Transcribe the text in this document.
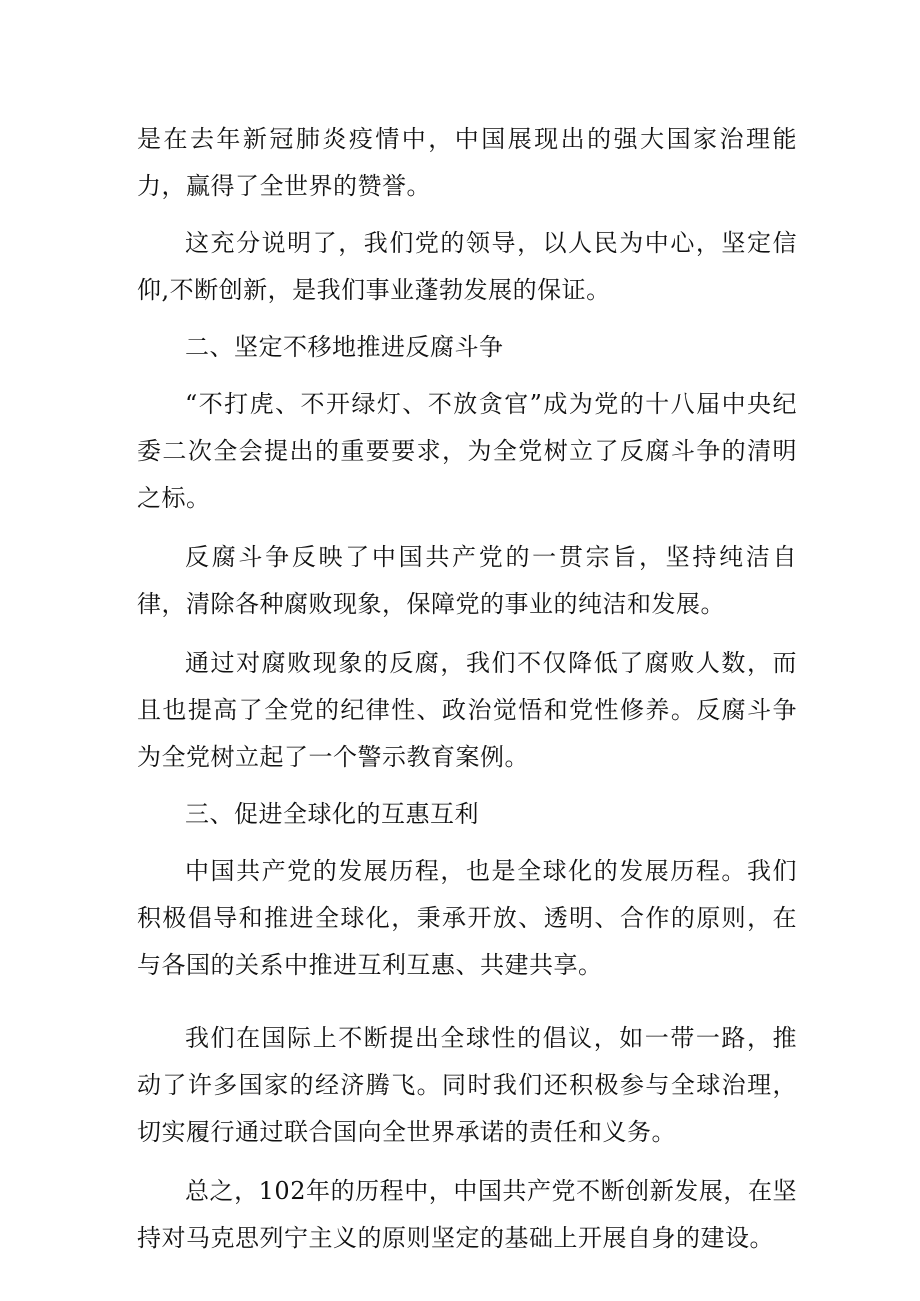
是在去年新冠肺炎疫情中，中国展现出的强大国家治理能力，赢得了全世界的赞誉。

这充分说明了，我们党的领导，以人民为中心，坚定信仰,不断创新，是我们事业蓬勃发展的保证。

二、坚定不移地推进反腐斗争

“不打虎、不开绿灯、不放贪官”成为党的十八届中央纪委二次全会提出的重要要求，为全党树立了反腐斗争的清明之标。

反腐斗争反映了中国共产党的一贯宗旨，坚持纯洁自律，清除各种腐败现象，保障党的事业的纯洁和发展。

通过对腐败现象的反腐，我们不仅降低了腐败人数，而且也提高了全党的纪律性、政治觉悟和党性修养。反腐斗争为全党树立起了一个警示教育案例。

三、促进全球化的互惠互利

中国共产党的发展历程，也是全球化的发展历程。我们积极倡导和推进全球化，秉承开放、透明、合作的原则，在与各国的关系中推进互利互惠、共建共享。

我们在国际上不断提出全球性的倡议，如一带一路，推动了许多国家的经济腾飞。同时我们还积极参与全球治理，切实履行通过联合国向全世界承诺的责任和义务。

总之，102年的历程中，中国共产党不断创新发展，在坚持对马克思列宁主义的原则坚定的基础上开展自身的建设。
